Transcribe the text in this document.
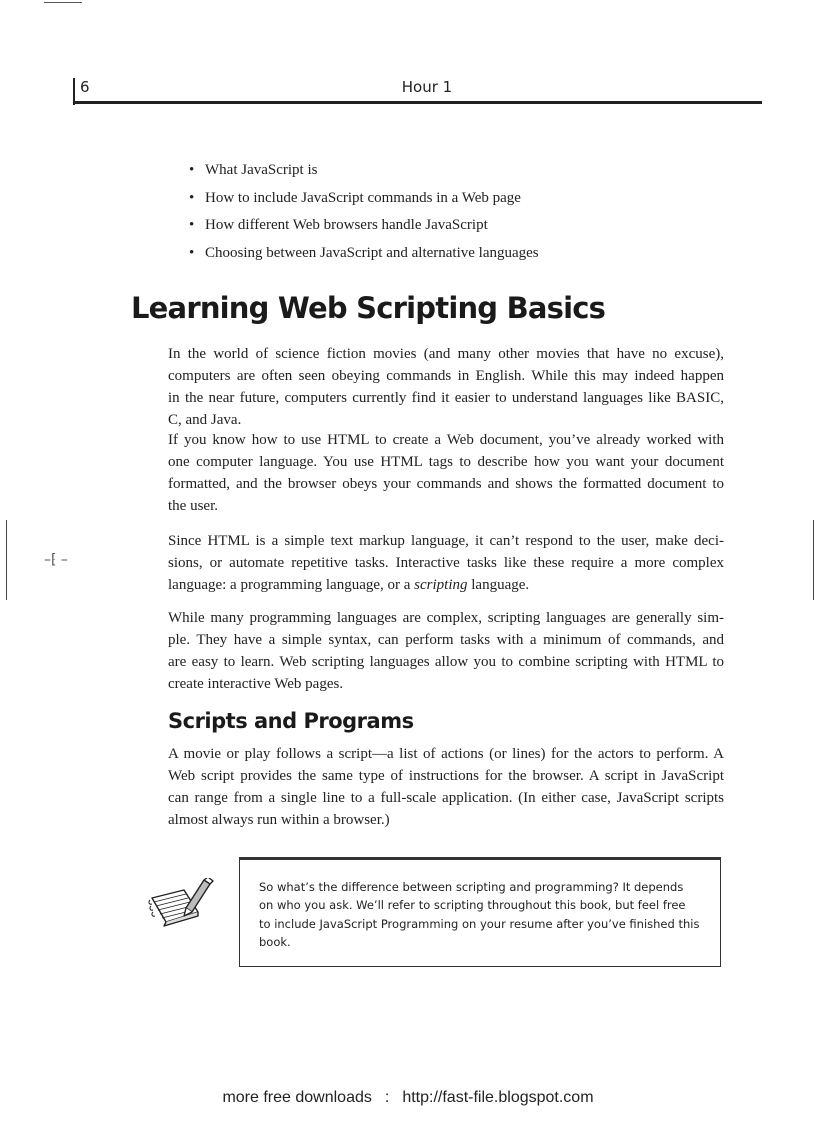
–⁅ –
6	Hour 1
• What JavaScript is
• How to include JavaScript commands in a Web page
• How different Web browsers handle JavaScript
• Choosing between JavaScript and alternative languages
Learning Web Scripting Basics

In the world of science fiction movies (and many other movies that have no excuse),
computers are often seen obeying commands in English. While this may indeed happen
in the near future, computers currently find it easier to understand languages like BASIC,
C, and Java.

If you know how to use HTML to create a Web document, you’ve already worked with
one computer language. You use HTML tags to describe how you want your document
formatted, and the browser obeys your commands and shows the formatted document to
the user.

Since HTML is a simple text markup language, it can’t respond to the user, make deci-
sions, or automate repetitive tasks. Interactive tasks like these require a more complex
language: a programming language, or a scripting language.

While many programming languages are complex, scripting languages are generally sim-
ple. They have a simple syntax, can perform tasks with a minimum of commands, and
are easy to learn. Web scripting languages allow you to combine scripting with HTML to
create interactive Web pages.

Scripts and Programs

A movie or play follows a script—a list of actions (or lines) for the actors to perform. A
Web script provides the same type of instructions for the browser. A script in JavaScript
can range from a single line to a full-scale application. (In either case, JavaScript scripts
almost always run within a browser.)

So what’s the difference between scripting and programming? It depends
on who you ask. We’ll refer to scripting throughout this book, but feel free
to include JavaScript Programming on your resume after you’ve finished this
book.

more free downloads : http://fast-file.blogspot.com
